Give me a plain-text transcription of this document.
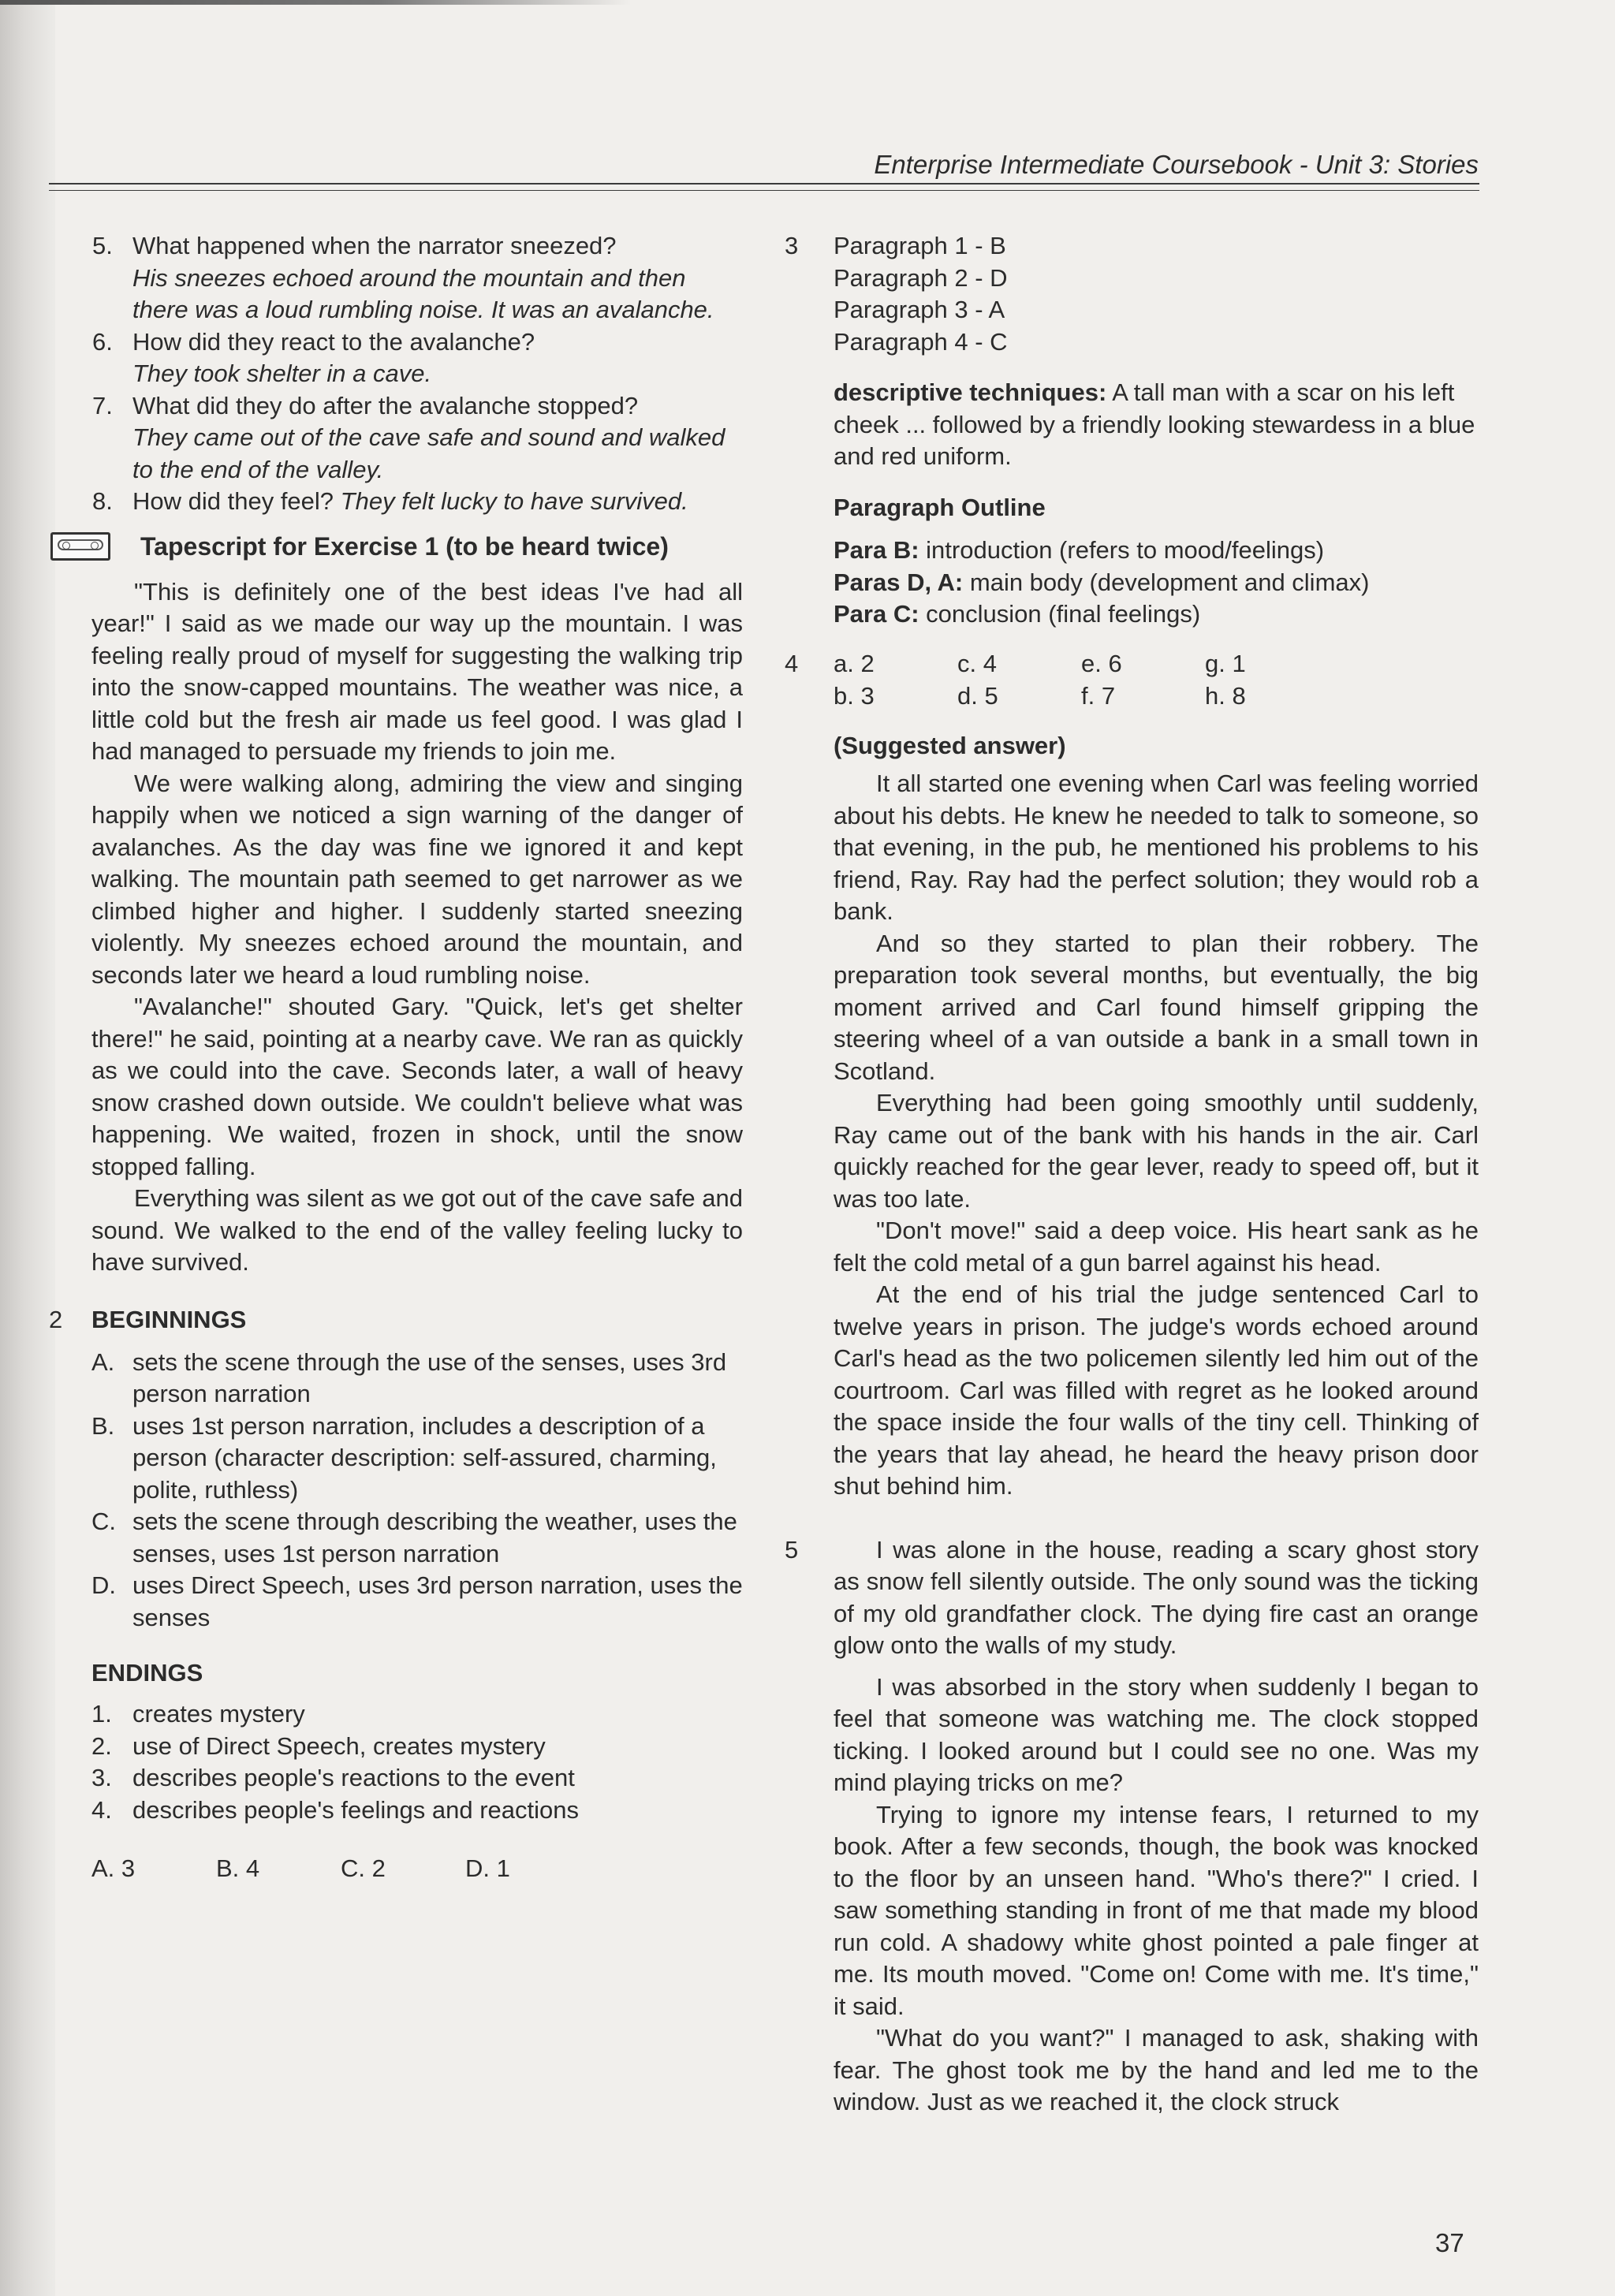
Enterprise Intermediate Coursebook - Unit 3: Stories
5. What happened when the narrator sneezed?

His sneezes echoed around the mountain and then there was a loud rumbling noise. It was an avalanche.

6. How did they react to the avalanche?

They took shelter in a cave.

7. What did they do after the avalanche stopped?

They came out of the cave safe and sound and walked to the end of the valley.

8. How did they feel? They felt lucky to have survived.

Tapescript for Exercise 1 (to be heard twice)

"This is definitely one of the best ideas I've had all year!" I said as we made our way up the mountain. I was feeling really proud of myself for suggesting the walking trip into the snow-capped mountains. The weather was nice, a little cold but the fresh air made us feel good. I was glad I had managed to persuade my friends to join me.

We were walking along, admiring the view and singing happily when we noticed a sign warning of the danger of avalanches. As the day was fine we ignored it and kept walking. The mountain path seemed to get narrower as we climbed higher and higher. I suddenly started sneezing violently. My sneezes echoed around the mountain, and seconds later we heard a loud rumbling noise.

"Avalanche!" shouted Gary. "Quick, let's get shelter there!" he said, pointing at a nearby cave. We ran as quickly as we could into the cave. Seconds later, a wall of heavy snow crashed down outside. We couldn't believe what was happening. We waited, frozen in shock, until the snow stopped falling.

Everything was silent as we got out of the cave safe and sound. We walked to the end of the valley feeling lucky to have survived.

2 BEGINNINGS
A. sets the scene through the use of the senses, uses 3rd person narration

B. uses 1st person narration, includes a description of a person (character description: self-assured, charming, polite, ruthless)

C. sets the scene through describing the weather, uses the senses, uses 1st person narration

D. uses Direct Speech, uses 3rd person narration, uses the senses

ENDINGS
1. creates mystery

2. use of Direct Speech, creates mystery

3. describes people's reactions to the event

4. describes people's feelings and reactions

A. 3	B. 4	C. 2	D. 1
3 Paragraph 1 - B

Paragraph 2 - D

Paragraph 3 - A

Paragraph 4 - C

descriptive techniques: A tall man with a scar on his left cheek ... followed by a friendly looking stewardess in a blue and red uniform.

Paragraph Outline

Para B: introduction (refers to mood/feelings)

Paras D, A: main body (development and climax)

Para C: conclusion (final feelings)

4 a. 2	c. 4	e. 6	g. 1
b. 3	d. 5	f. 7	h. 8

(Suggested answer)

It all started one evening when Carl was feeling worried about his debts. He knew he needed to talk to someone, so that evening, in the pub, he mentioned his problems to his friend, Ray. Ray had the perfect solution; they would rob a bank.

And so they started to plan their robbery. The preparation took several months, but eventually, the big moment arrived and Carl found himself gripping the steering wheel of a van outside a bank in a small town in Scotland.

Everything had been going smoothly until suddenly, Ray came out of the bank with his hands in the air. Carl quickly reached for the gear lever, ready to speed off, but it was too late.

"Don't move!" said a deep voice. His heart sank as he felt the cold metal of a gun barrel against his head.

At the end of his trial the judge sentenced Carl to twelve years in prison. The judge's words echoed around Carl's head as the two policemen silently led him out of the courtroom. Carl was filled with regret as he looked around the space inside the four walls of the tiny cell. Thinking of the years that lay ahead, he heard the heavy prison door shut behind him.

5	I was alone in the house, reading a scary ghost story as snow fell silently outside. The only sound was the ticking of my old grandfather clock. The dying fire cast an orange glow onto the walls of my study.

I was absorbed in the story when suddenly I began to feel that someone was watching me. The clock stopped ticking. I looked around but I could see no one. Was my mind playing tricks on me?

Trying to ignore my intense fears, I returned to my book. After a few seconds, though, the book was knocked to the floor by an unseen hand. "Who's there?" I cried. I saw something standing in front of me that made my blood run cold. A shadowy white ghost pointed a pale finger at me. Its mouth moved. "Come on! Come with me. It's time," it said.

"What do you want?" I managed to ask, shaking with fear. The ghost took me by the hand and led me to the window. Just as we reached it, the clock struck

37
